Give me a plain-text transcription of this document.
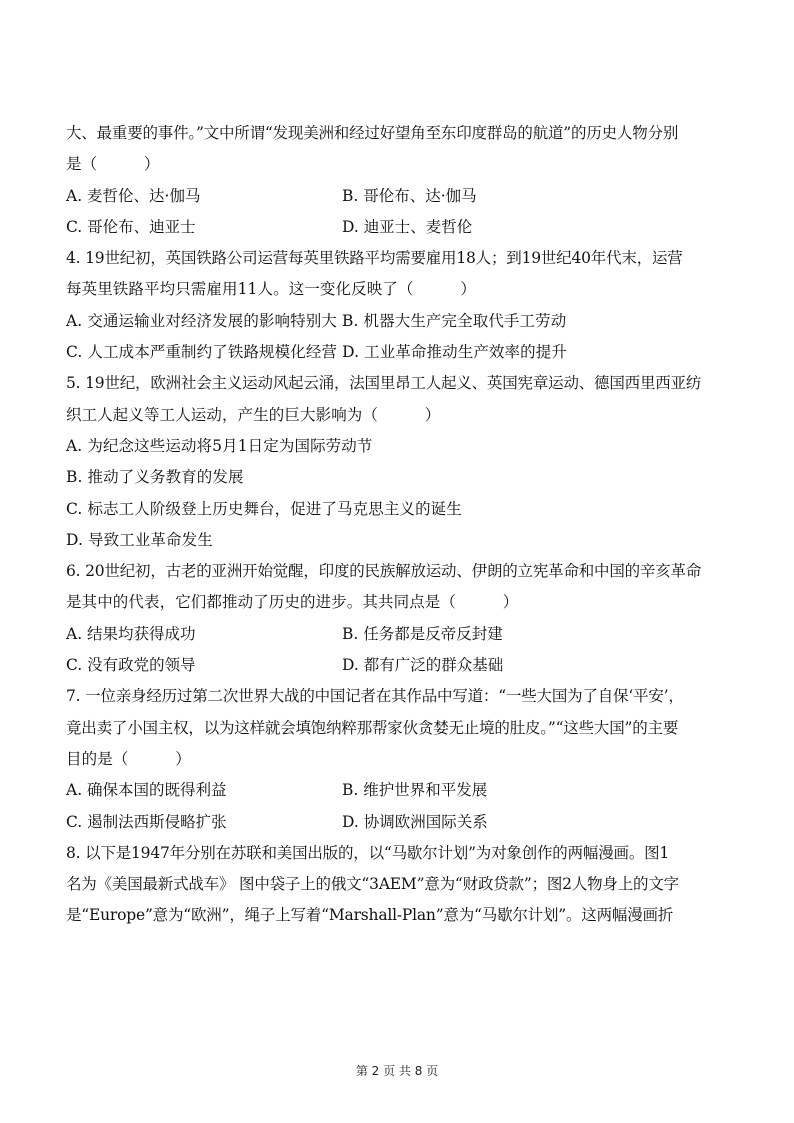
大、最重要的事件。”文中所谓“发现美洲和经过好望角至东印度群岛的航道”的历史人物分别
是（　　　）
A. 麦哲伦、达·伽马	B. 哥伦布、达·伽马
C. 哥伦布、迪亚士	D. 迪亚士、麦哲伦
4. 19世纪初，英国铁路公司运营每英里铁路平均需要雇用18人；到19世纪40年代末，运营
每英里铁路平均只需雇用11人。这一变化反映了（　　　）
A. 交通运输业对经济发展的影响特别大 B. 机器大生产完全取代手工劳动
C. 人工成本严重制约了铁路规模化经营 D. 工业革命推动生产效率的提升
5. 19世纪，欧洲社会主义运动风起云涌，法国里昂工人起义、英国宪章运动、德国西里西亚纺
织工人起义等工人运动，产生的巨大影响为（　　　）
A. 为纪念这些运动将5月1日定为国际劳动节
B. 推动了义务教育的发展
C. 标志工人阶级登上历史舞台，促进了马克思主义的诞生
D. 导致工业革命发生
6. 20世纪初，古老的亚洲开始觉醒，印度的民族解放运动、伊朗的立宪革命和中国的辛亥革命
是其中的代表，它们都推动了历史的进步。其共同点是（　　　）
A. 结果均获得成功	B. 任务都是反帝反封建
C. 没有政党的领导	D. 都有广泛的群众基础
7. 一位亲身经历过第二次世界大战的中国记者在其作品中写道：“一些大国为了自保‘平安’，
竟出卖了小国主权，以为这样就会填饱纳粹那帮家伙贪婪无止境的肚皮。”“这些大国”的主要
目的是（　　　）
A. 确保本国的既得利益	B. 维护世界和平发展
C. 遏制法西斯侵略扩张	D. 协调欧洲国际关系
8. 以下是1947年分别在苏联和美国出版的，以“马歇尔计划”为对象创作的两幅漫画。图1
名为《美国最新式战车》 图中袋子上的俄文“3AEM”意为“财政贷款”；图2人物身上的文字
是“Europe”意为“欧洲”，绳子上写着“Marshall-Plan”意为“马歇尔计划”。这两幅漫画折
第 2 页 共 8 页
